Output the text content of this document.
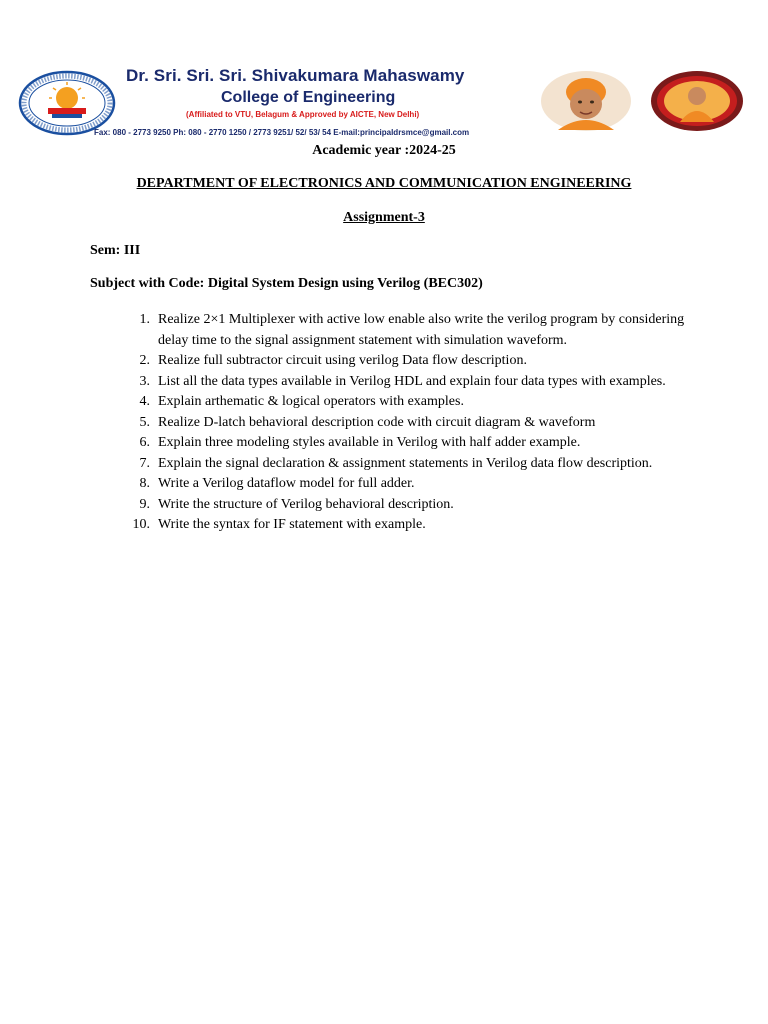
Dr. Sri. Sri. Sri. Shivakumara Mahaswamy
College of Engineering
(Affiliated to VTU, Belagum & Approved by AICTE, New Delhi)
Fax: 080 - 2773 9250 Ph: 080 - 2770 1250 / 2773 9251/ 52/ 53/ 54 E-mail:principaldrsmce@gmail.com
Academic year :2024-25
DEPARTMENT OF ELECTRONICS AND COMMUNICATION ENGINEERING
Assignment-3
Sem: III
Subject with Code: Digital System Design using Verilog (BEC302)
1. Realize 2×1 Multiplexer with active low enable also write the verilog program by considering delay time to the signal assignment statement with simulation waveform.
2. Realize full subtractor circuit using verilog Data flow description.
3. List all the data types available in Verilog HDL and explain four data types with examples.
4. Explain arthematic & logical operators with examples.
5. Realize D-latch behavioral description code with circuit diagram & waveform
6. Explain three modeling styles available in Verilog with half adder example.
7. Explain the signal declaration & assignment statements in Verilog data flow description.
8. Write a Verilog dataflow model for full adder.
9. Write the structure of Verilog behavioral description.
10. Write the syntax for IF statement with example.
